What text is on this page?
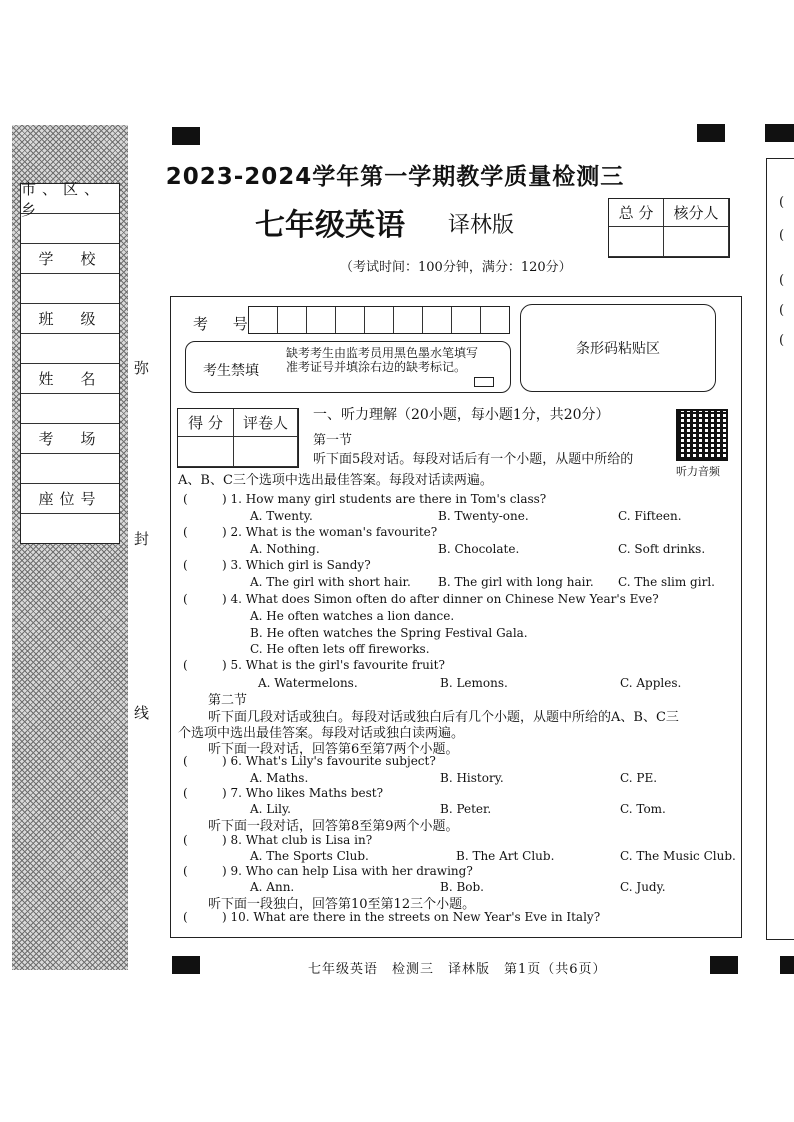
市、区、乡
学　校
班　级
姓　名
考　场
座位号
弥
封
线
2023-2024学年第一学期教学质量检测三
七年级英语 译林版
（考试时间：100分钟，满分：120分）
总 分	核分人
(
(
(
(
(
考 号
考生禁填
缺考考生由监考员用黑色墨水笔填写准考证号并填涂右边的缺考标记。
条形码粘贴区
得 分	评卷人
听力音频
一、听力理解（20小题，每小题1分，共20分）
第一节
听下面5段对话。每段对话后有一个小题，从题中所给的
A、B、C三个选项中选出最佳答案。每段对话读两遍。
(	) 1. How many girl students are there in Tom's class?
A. Twenty.	B. Twenty-one.	C. Fifteen.
(	) 2. What is the woman's favourite?
A. Nothing.	B. Chocolate.	C. Soft drinks.
(	) 3. Which girl is Sandy?
A. The girl with short hair. B. The girl with long hair. C. The slim girl.
(	) 4. What does Simon often do after dinner on Chinese New Year's Eve?
A. He often watches a lion dance.
B. He often watches the Spring Festival Gala.
C. He often lets off fireworks.
(	) 5. What is the girl's favourite fruit?
A. Watermelons.	B. Lemons.	C. Apples.
第二节
听下面几段对话或独白。每段对话或独白后有几个小题，从题中所给的A、B、C三
个选项中选出最佳答案。每段对话或独白读两遍。
听下面一段对话，回答第6至第7两个小题。
(	) 6. What's Lily's favourite subject?
A. Maths.	B. History.	C. PE.
(	) 7. Who likes Maths best?
A. Lily.	B. Peter.	C. Tom.
听下面一段对话，回答第8至第9两个小题。
(	) 8. What club is Lisa in?
A. The Sports Club.	B. The Art Club.	C. The Music Club.
(	) 9. Who can help Lisa with her drawing?
A. Ann.	B. Bob.	C. Judy.
听下面一段独白，回答第10至第12三个小题。
(	) 10. What are there in the streets on New Year's Eve in Italy?
七年级英语　检测三　译林版　第1页（共6页）
